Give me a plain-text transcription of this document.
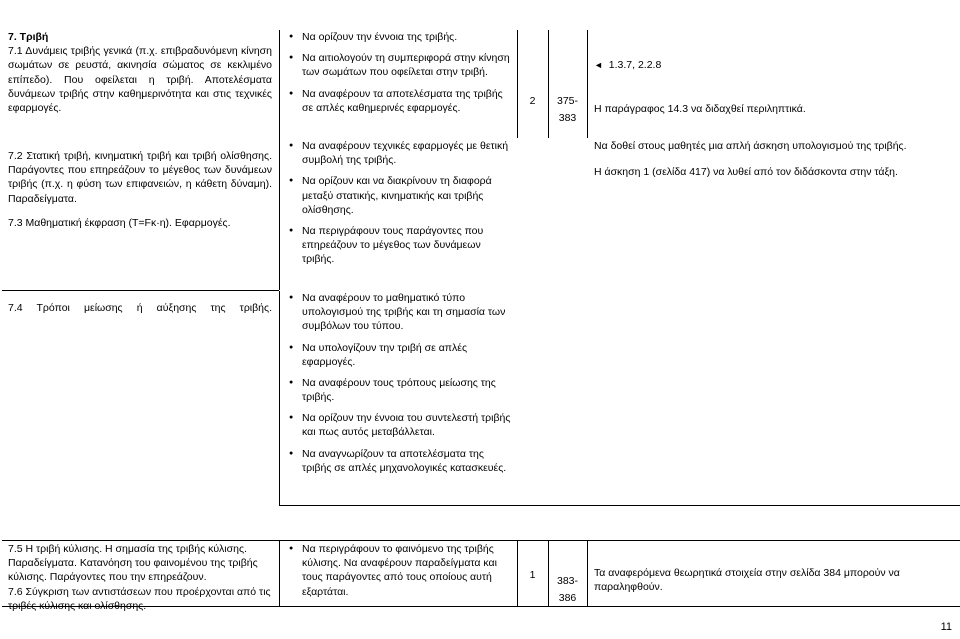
7. Τριβή

7.1 Δυνάμεις τριβής γενικά (π.χ. επιβραδυνόμενη κίνηση σωμάτων σε ρευστά, ακινησία σώματος σε κεκλιμένο επίπεδο). Που οφείλεται η τριβή. Αποτελέσματα δυνάμεων τριβής στην καθημερινότητα και στις τεχνικές εφαρμογές.

7.2 Στατική τριβή, κινηματική τριβή και τριβή ολίσθησης. Παράγοντες που επηρεάζουν το μέγεθος των δυνάμεων τριβής (π.χ. η φύση των επιφανειών, η κάθετη δύναμη). Παραδείγματα.

7.3 Μαθηματική έκφραση (T=Fκ·η). Εφαρμογές.

7.4 Τρόποι μείωσης ή αύξησης της τριβής.

● Να ορίζουν την έννοια της τριβής.
● Να αιτιολογούν τη συμπεριφορά στην κίνηση των σωμάτων που οφείλεται στην τριβή.
● Να αναφέρουν τα αποτελέσματα της τριβής σε απλές καθημερινές εφαρμογές.
● Να αναφέρουν τεχνικές εφαρμογές με θετική συμβολή της τριβής.
● Να ορίζουν και να διακρίνουν τη διαφορά μεταξύ στατικής, κινηματικής και τριβής ολίσθησης.
● Να περιγράφουν τους παράγοντες που επηρεάζουν το μέγεθος των δυνάμεων τριβής.
● Να αναφέρουν το μαθηματικό τύπο υπολογισμού της τριβής και τη σημασία των συμβόλων του τύπου.
● Να υπολογίζουν την τριβή σε απλές εφαρμογές.
● Να αναφέρουν τους τρόπους μείωσης της τριβής.
● Να ορίζουν την έννοια του συντελεστή τριβής και πως αυτός μεταβάλλεται.
● Να αναγνωρίζουν τα αποτελέσματα της τριβής σε απλές μηχανολογικές κατασκευές.
2	375-
383

◄ 1.3.7, 2.2.8

Η παράγραφος 14.3 να διδαχθεί περιληπτικά.

Να δοθεί στους μαθητές μια απλή άσκηση υπολογισμού της τριβής.

Η άσκηση 1 (σελίδα 417) να λυθεί από τον διδάσκοντα στην τάξη.

7.5 Η τριβή κύλισης. Η σημασία της τριβής κύλισης. Παραδείγματα. Κατανόηση του φαινομένου της τριβής κύλισης. Παράγοντες που την επηρεάζουν.

7.6 Σύγκριση των αντιστάσεων που προέρχονται από τις τριβές κύλισης και ολίσθησης.

● Να περιγράφουν το φαινόμενο της τριβής κύλισης. Να αναφέρουν παραδείγματα και τους παράγοντες από τους οποίους αυτή εξαρτάται.
1	383-
386

Τα αναφερόμενα θεωρητικά στοιχεία στην σελίδα 384 μπορούν να παραληφθούν.

11
